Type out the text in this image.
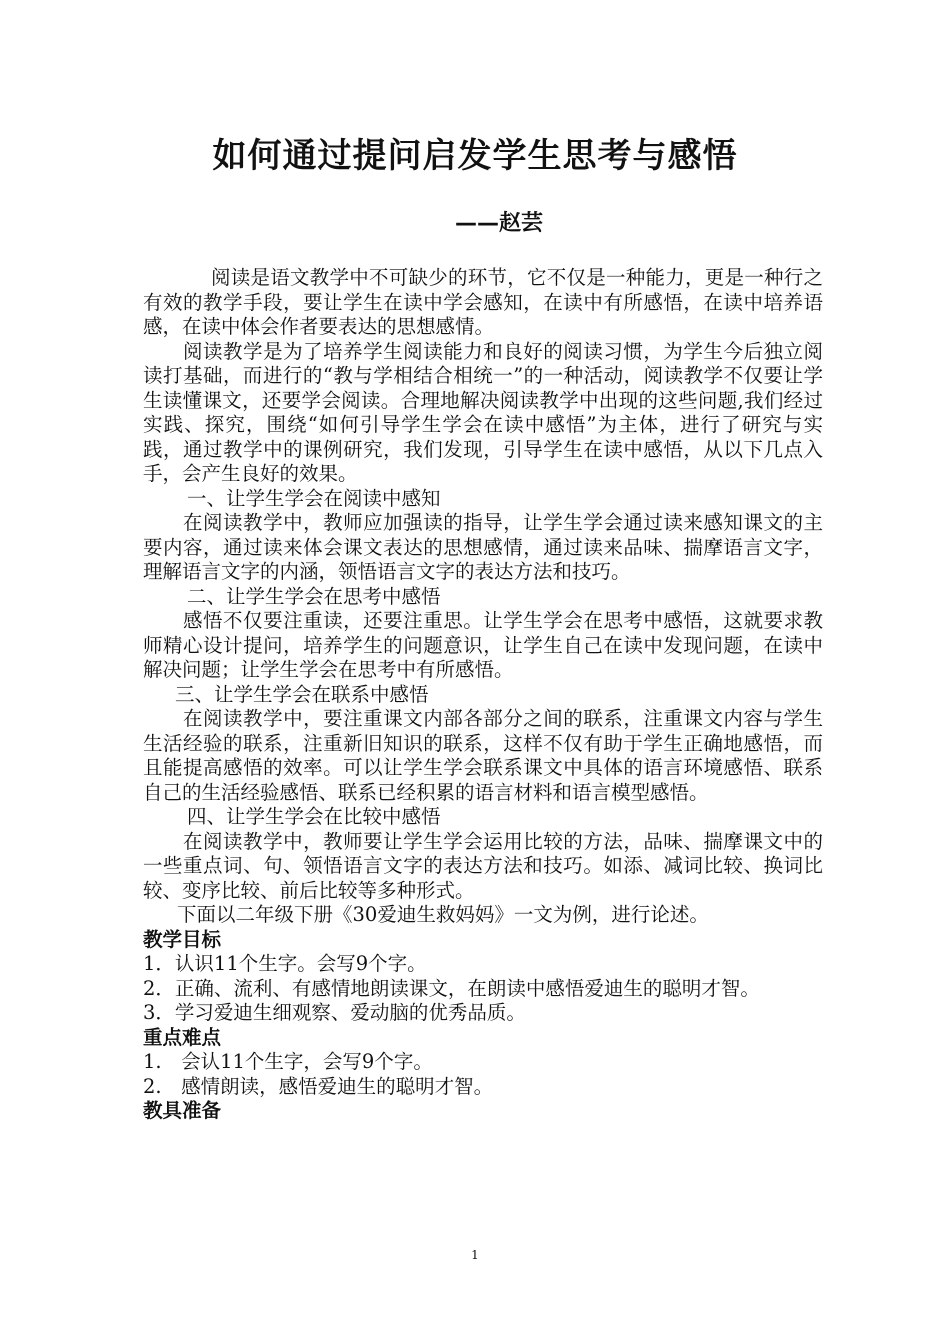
如何通过提问启发学生思考与感悟
——赵芸

阅读是语文教学中不可缺少的环节，它不仅是一种能力，更是一种行之有效的教学手段，要让学生在读中学会感知，在读中有所感悟，在读中培养语感，在读中体会作者要表达的思想感情。

阅读教学是为了培养学生阅读能力和良好的阅读习惯，为学生今后独立阅读打基础，而进行的“教与学相结合相统一”的一种活动，阅读教学不仅要让学生读懂课文，还要学会阅读。合理地解决阅读教学中出现的这些问题,我们经过实践、探究，围绕“如何引导学生学会在读中感悟”为主体，进行了研究与实践，通过教学中的课例研究，我们发现，引导学生在读中感悟，从以下几点入手，会产生良好的效果。

一、让学生学会在阅读中感知

在阅读教学中，教师应加强读的指导，让学生学会通过读来感知课文的主要内容，通过读来体会课文表达的思想感情，通过读来品味、揣摩语言文字，理解语言文字的内涵，领悟语言文字的表达方法和技巧。

二、让学生学会在思考中感悟

感悟不仅要注重读，还要注重思。让学生学会在思考中感悟，这就要求教师精心设计提问，培养学生的问题意识，让学生自己在读中发现问题，在读中解决问题；让学生学会在思考中有所感悟。

三、让学生学会在联系中感悟

在阅读教学中，要注重课文内部各部分之间的联系，注重课文内容与学生生活经验的联系，注重新旧知识的联系，这样不仅有助于学生正确地感悟，而且能提高感悟的效率。可以让学生学会联系课文中具体的语言环境感悟、联系自己的生活经验感悟、联系已经积累的语言材料和语言模型感悟。

四、让学生学会在比较中感悟

在阅读教学中，教师要让学生学会运用比较的方法，品味、揣摩课文中的一些重点词、句、领悟语言文字的表达方法和技巧。如添、减词比较、换词比较、变序比较、前后比较等多种形式。

下面以二年级下册《30爱迪生救妈妈》一文为例，进行论述。

教学目标

1．认识11个生字。会写9个字。

2．正确、流利、有感情地朗读课文，在朗读中感悟爱迪生的聪明才智。

3．学习爱迪生细观察、爱动脑的优秀品质。

重点难点

1.　会认11个生字，会写9个字。

2.　感情朗读，感悟爱迪生的聪明才智。

教具准备

1
